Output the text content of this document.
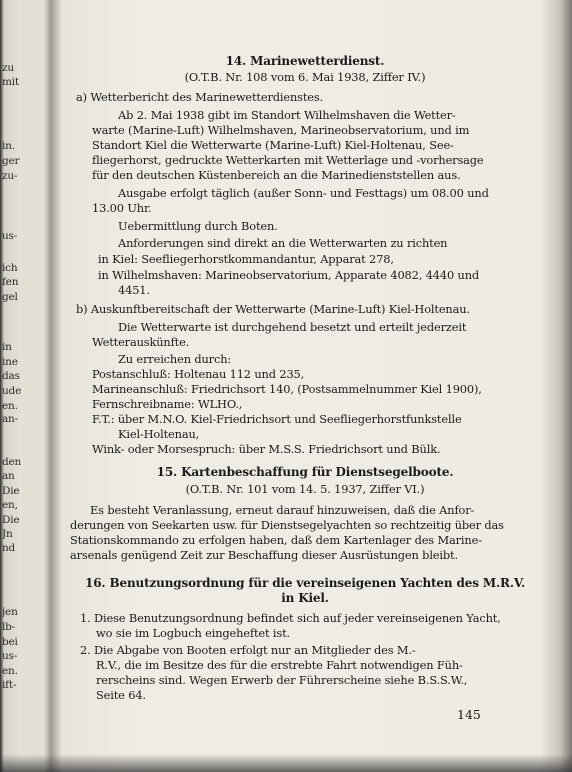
zu
mit
in.
ger
zu-
us-
ich
fen
gel
in
ine
das
ude
en.
an-
den
an
Die
en,
Die
Jn
nd
jen
lb-
bei
us-
en.
ift-
14. Marinewetterdienst.
(O.T.B. Nr. 108 vom 6. Mai 1938, Ziffer IV.)
a) Wetterbericht des Marinewetterdienstes.
Ab 2. Mai 1938 gibt im Standort Wilhelmshaven die Wetter-
warte (Marine-Luft) Wilhelmshaven, Marineobservatorium, und im
Standort Kiel die Wetterwarte (Marine-Luft) Kiel-Holtenau, See-
fliegerhorst, gedruckte Wetterkarten mit Wetterlage und -vorhersage
für den deutschen Küstenbereich an die Marinedienststellen aus.
Ausgabe erfolgt täglich (außer Sonn- und Festtags) um 08.00 und
13.00 Uhr.
Uebermittlung durch Boten.
Anforderungen sind direkt an die Wetterwarten zu richten
in Kiel: Seefliegerhorstkommandantur, Apparat 278,
in Wilhelmshaven: Marineobservatorium, Apparate 4082, 4440 und
4451.
b) Auskunftbereitschaft der Wetterwarte (Marine-Luft) Kiel-Holtenau.
Die Wetterwarte ist durchgehend besetzt und erteilt jederzeit
Wetterauskünfte.
Zu erreichen durch:
Postanschluß: Holtenau 112 und 235,
Marineanschluß: Friedrichsort 140, (Postsammelnummer Kiel 1900),
Fernschreibname: WLHO.,
F.T.: über M.N.O. Kiel-Friedrichsort und Seefliegerhorstfunkstelle
Kiel-Holtenau,
Wink- oder Morsespruch: über M.S.S. Friedrichsort und Bülk.
15. Kartenbeschaffung für Dienstsegelboote.
(O.T.B. Nr. 101 vom 14. 5. 1937, Ziffer VI.)
Es besteht Veranlassung, erneut darauf hinzuweisen, daß die Anfor-
derungen von Seekarten usw. für Dienstsegelyachten so rechtzeitig über das
Stationskommando zu erfolgen haben, daß dem Kartenlager des Marine-
arsenals genügend Zeit zur Beschaffung dieser Ausrüstungen bleibt.
16. Benutzungsordnung für die vereinseigenen Yachten des M.R.V.
in Kiel.
1. Diese Benutzungsordnung befindet sich auf jeder vereinseigenen Yacht,
wo sie im Logbuch eingeheftet ist.
2. Die Abgabe von Booten erfolgt nur an Mitglieder des M.-
R.V., die im Besitze des für die erstrebte Fahrt notwendigen Füh-
rerscheins sind. Wegen Erwerb der Führerscheine siehe B.S.S.W.,
Seite 64.
145
